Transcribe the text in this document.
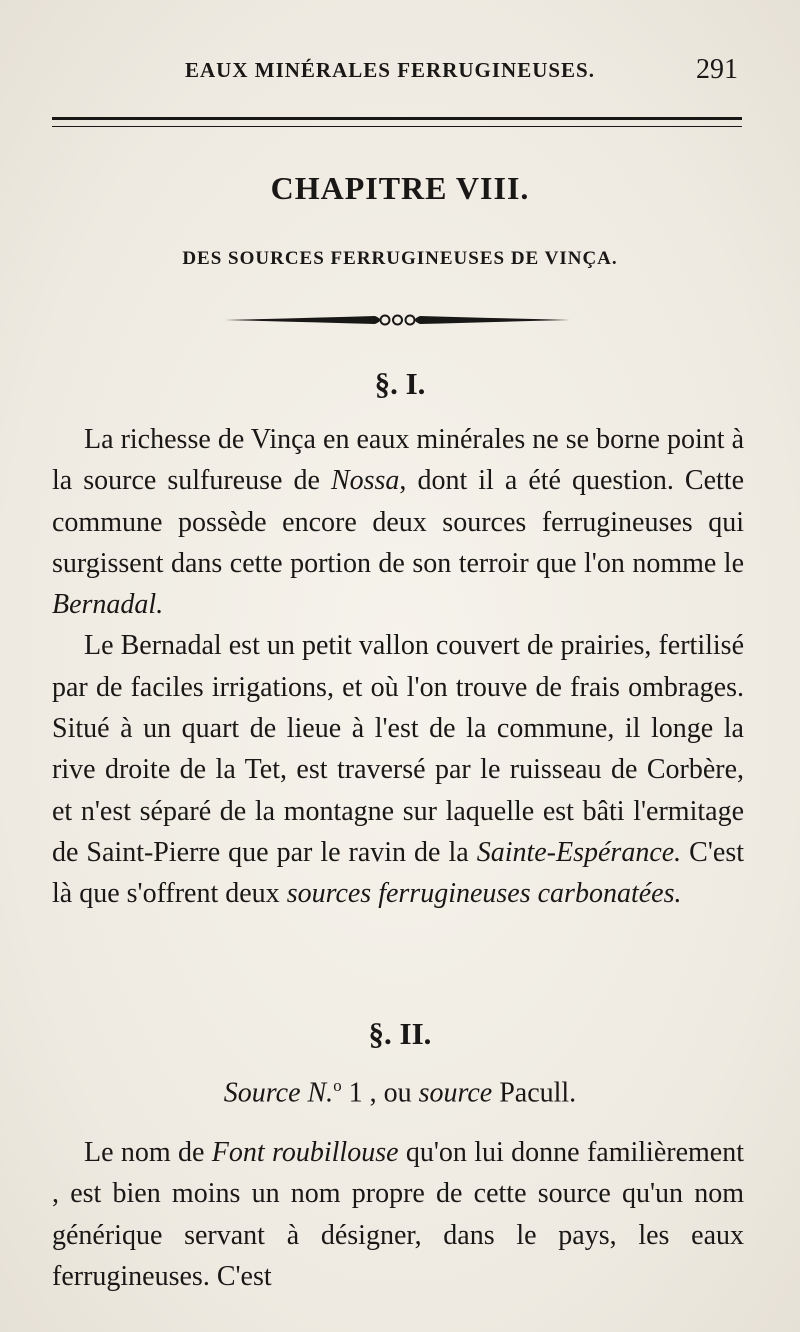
EAUX MINÉRALES FERRUGINEUSES.	291
CHAPITRE VIII.
DES SOURCES FERRUGINEUSES DE VINÇA.
§. I.

La richesse de Vinça en eaux minérales ne se borne point à la source sulfureuse de Nossa, dont il a été question. Cette commune possède encore deux sources ferrugineuses qui surgissent dans cette portion de son terroir que l'on nomme le Bernadal.

Le Bernadal est un petit vallon couvert de prairies, fertilisé par de faciles irrigations, et où l'on trouve de frais ombrages. Situé à un quart de lieue à l'est de la commune, il longe la rive droite de la Tet, est traversé par le ruisseau de Corbère, et n'est séparé de la montagne sur laquelle est bâti l'ermitage de Saint-Pierre que par le ravin de la Sainte-Espérance. C'est là que s'offrent deux sources ferrugineuses carbonatées.

§. II.
Source N.$^o$ 1 , ou source Pacull.

Le nom de Font roubillouse qu'on lui donne familièrement , est bien moins un nom propre de cette source qu'un nom générique servant à désigner, dans le pays, les eaux ferrugineuses. C'est
